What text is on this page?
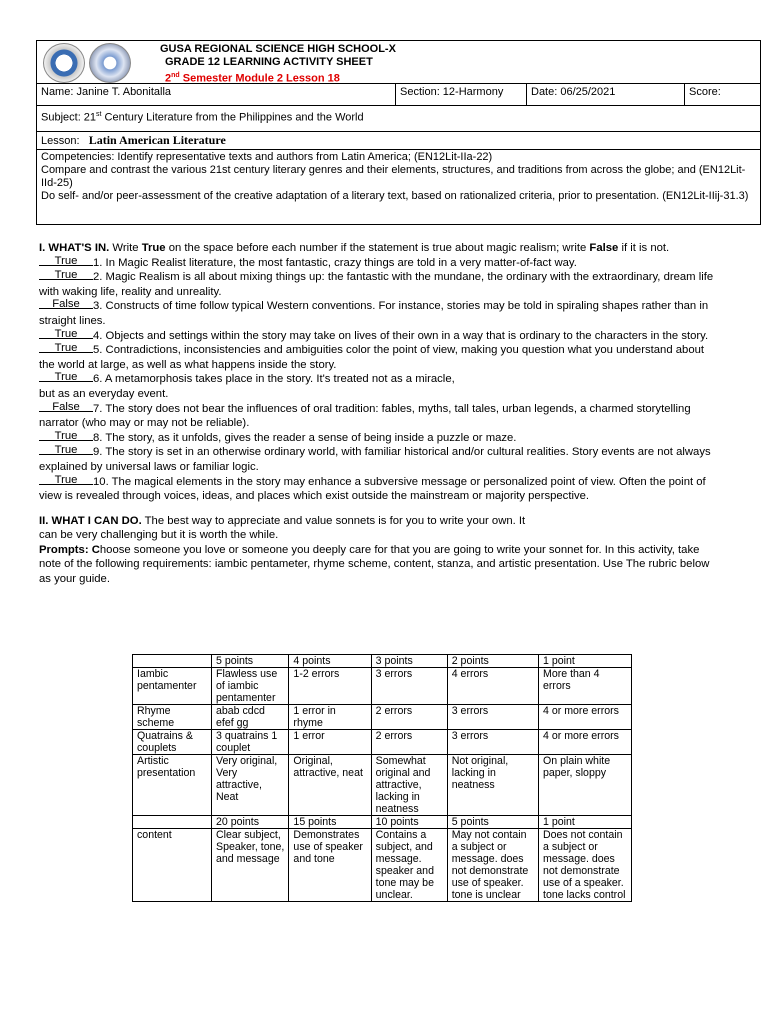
GUSA REGIONAL SCIENCE HIGH SCHOOL-X
GRADE 12 LEARNING ACTIVITY SHEET
2nd Semester Module 2 Lesson 18
Name: Janine T. Abonitalla	Section: 12-Harmony	Date: 06/25/2021	Score:
Subject: 21st Century Literature from the Philippines and the World
Lesson: Latin American Literature
Competencies: Identify representative texts and authors from Latin America; (EN12Lit-IIa-22)
Compare and contrast the various 21st century literary genres and their elements, structures, and traditions from across the globe; and (EN12Lit-IId-25)
Do self- and/or peer-assessment of the creative adaptation of a literary text, based on rationalized criteria, prior to presentation. (EN12Lit-IIij-31.3)

I. WHAT'S IN. Write True on the space before each number if the statement is true about magic realism; write False if it is not.

True	1. In Magic Realist literature, the most fantastic, crazy things are told in a very matter-of-fact way.

True	2. Magic Realism is all about mixing things up: the fantastic with the mundane, the ordinary with the extraordinary, dream life with waking life, reality and unreality.

False	3. Constructs of time follow typical Western conventions. For instance, stories may be told in spiraling shapes rather than in straight lines.

True	4. Objects and settings within the story may take on lives of their own in a way that is ordinary to the characters in the story.

True	5. Contradictions, inconsistencies and ambiguities color the point of view, making you question what you understand about the world at large, as well as what happens inside the story.

True	6. A metamorphosis takes place in the story. It's treated not as a miracle,

but as an everyday event.

False	7. The story does not bear the influences of oral tradition: fables, myths, tall tales, urban legends, a charmed storytelling narrator (who may or may not be reliable).

True	8. The story, as it unfolds, gives the reader a sense of being inside a puzzle or maze.

True	9. The story is set in an otherwise ordinary world, with familiar historical and/or cultural realities. Story events are not always explained by universal laws or familiar logic.

True	10. The magical elements in the story may enhance a subversive message or personalized point of view. Often the point of view is revealed through voices, ideas, and places which exist outside the mainstream or majority perspective.

II. WHAT I CAN DO. The best way to appreciate and value sonnets is for you to write your own. It

can be very challenging but it is worth the while.

Prompts: Choose someone you love or someone you deeply care for that you are going to write your sonnet for. In this activity, take note of the following requirements: iambic pentameter, rhyme scheme, content, stanza, and artistic presentation. Use The rubric below as your guide.

	5 points	4 points	3 points	2 points	1 point
Iambic pentamenter	Flawless use of iambic pentamenter	1-2 errors	3 errors	4 errors	More than 4 errors
Rhyme scheme	abab cdcd efef gg	1 error in rhyme	2 errors	3 errors	4 or more errors
Quatrains & couplets	3 quatrains 1 couplet	1 error	2 errors	3 errors	4 or more errors
Artistic presentation	Very original, Very attractive, Neat	Original, attractive, neat	Somewhat original and attractive, lacking in neatness	Not original, lacking in neatness	On plain white paper, sloppy
	20 points	15 points	10 points	5 points	1 point
content	Clear subject, Speaker, tone, and message	Demonstrates use of speaker and tone	Contains a subject, and message. speaker and tone may be unclear.	May not contain a subject or message. does not demonstrate use of speaker. tone is unclear	Does not contain a subject or message. does not demonstrate use of a speaker. tone lacks control
